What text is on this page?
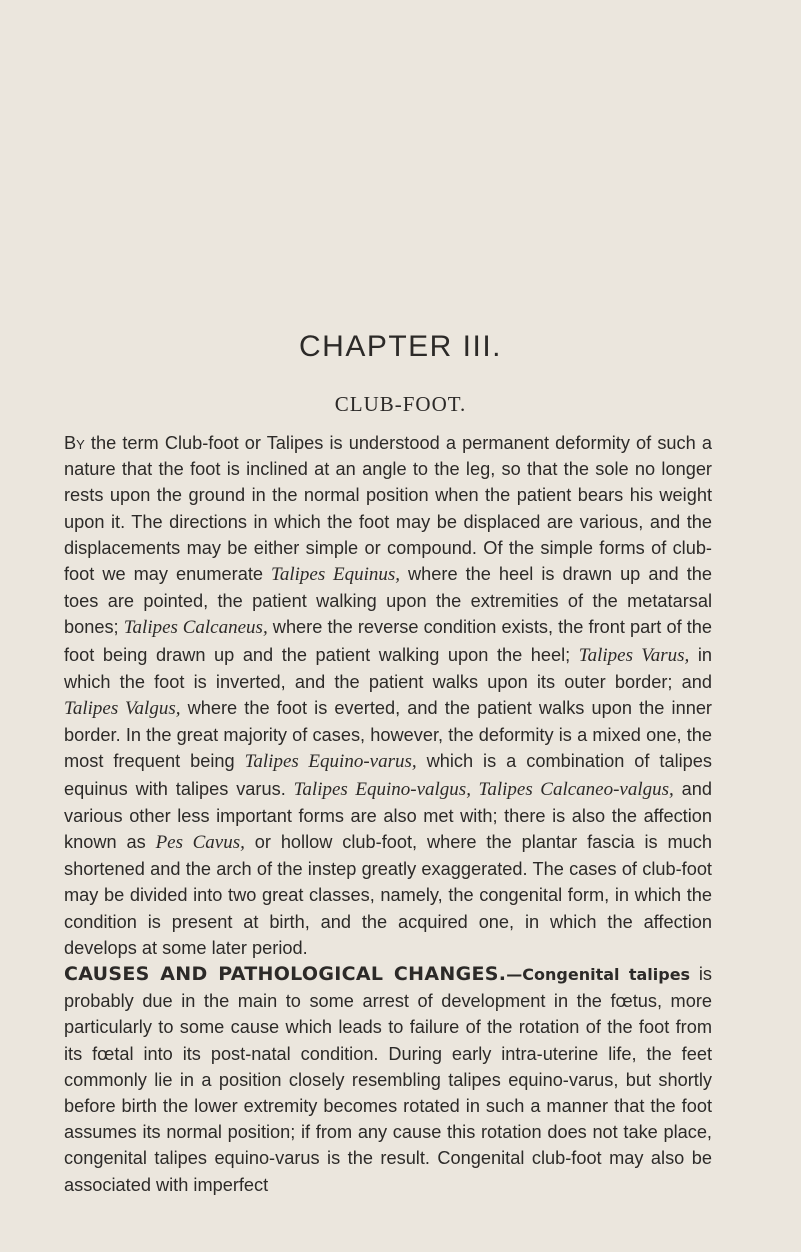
CHAPTER III.
CLUB-FOOT.

By the term Club-foot or Talipes is understood a permanent deformity of such a nature that the foot is inclined at an angle to the leg, so that the sole no longer rests upon the ground in the normal position when the patient bears his weight upon it. The directions in which the foot may be displaced are various, and the displacements may be either simple or compound. Of the simple forms of club-foot we may enumerate Talipes Equinus, where the heel is drawn up and the toes are pointed, the patient walking upon the extremities of the metatarsal bones; Talipes Calcaneus, where the reverse condition exists, the front part of the foot being drawn up and the patient walking upon the heel; Talipes Varus, in which the foot is inverted, and the patient walks upon its outer border; and Talipes Valgus, where the foot is everted, and the patient walks upon the inner border. In the great majority of cases, however, the deformity is a mixed one, the most frequent being Talipes Equino-varus, which is a combination of talipes equinus with talipes varus. Talipes Equino-valgus, Talipes Calcaneo-valgus, and various other less important forms are also met with; there is also the affection known as Pes Cavus, or hollow club-foot, where the plantar fascia is much shortened and the arch of the instep greatly exaggerated. The cases of club-foot may be divided into two great classes, namely, the congenital form, in which the condition is present at birth, and the acquired one, in which the affection develops at some later period.

CAUSES AND PATHOLOGICAL CHANGES.—Congenital talipes is probably due in the main to some arrest of development in the fœtus, more particularly to some cause which leads to failure of the rotation of the foot from its fœtal into its post-natal condition. During early intra-uterine life, the feet commonly lie in a position closely resembling talipes equino-varus, but shortly before birth the lower extremity becomes rotated in such a manner that the foot assumes its normal position; if from any cause this rotation does not take place, congenital talipes equino-varus is the result. Congenital club-foot may also be associated with imperfect
